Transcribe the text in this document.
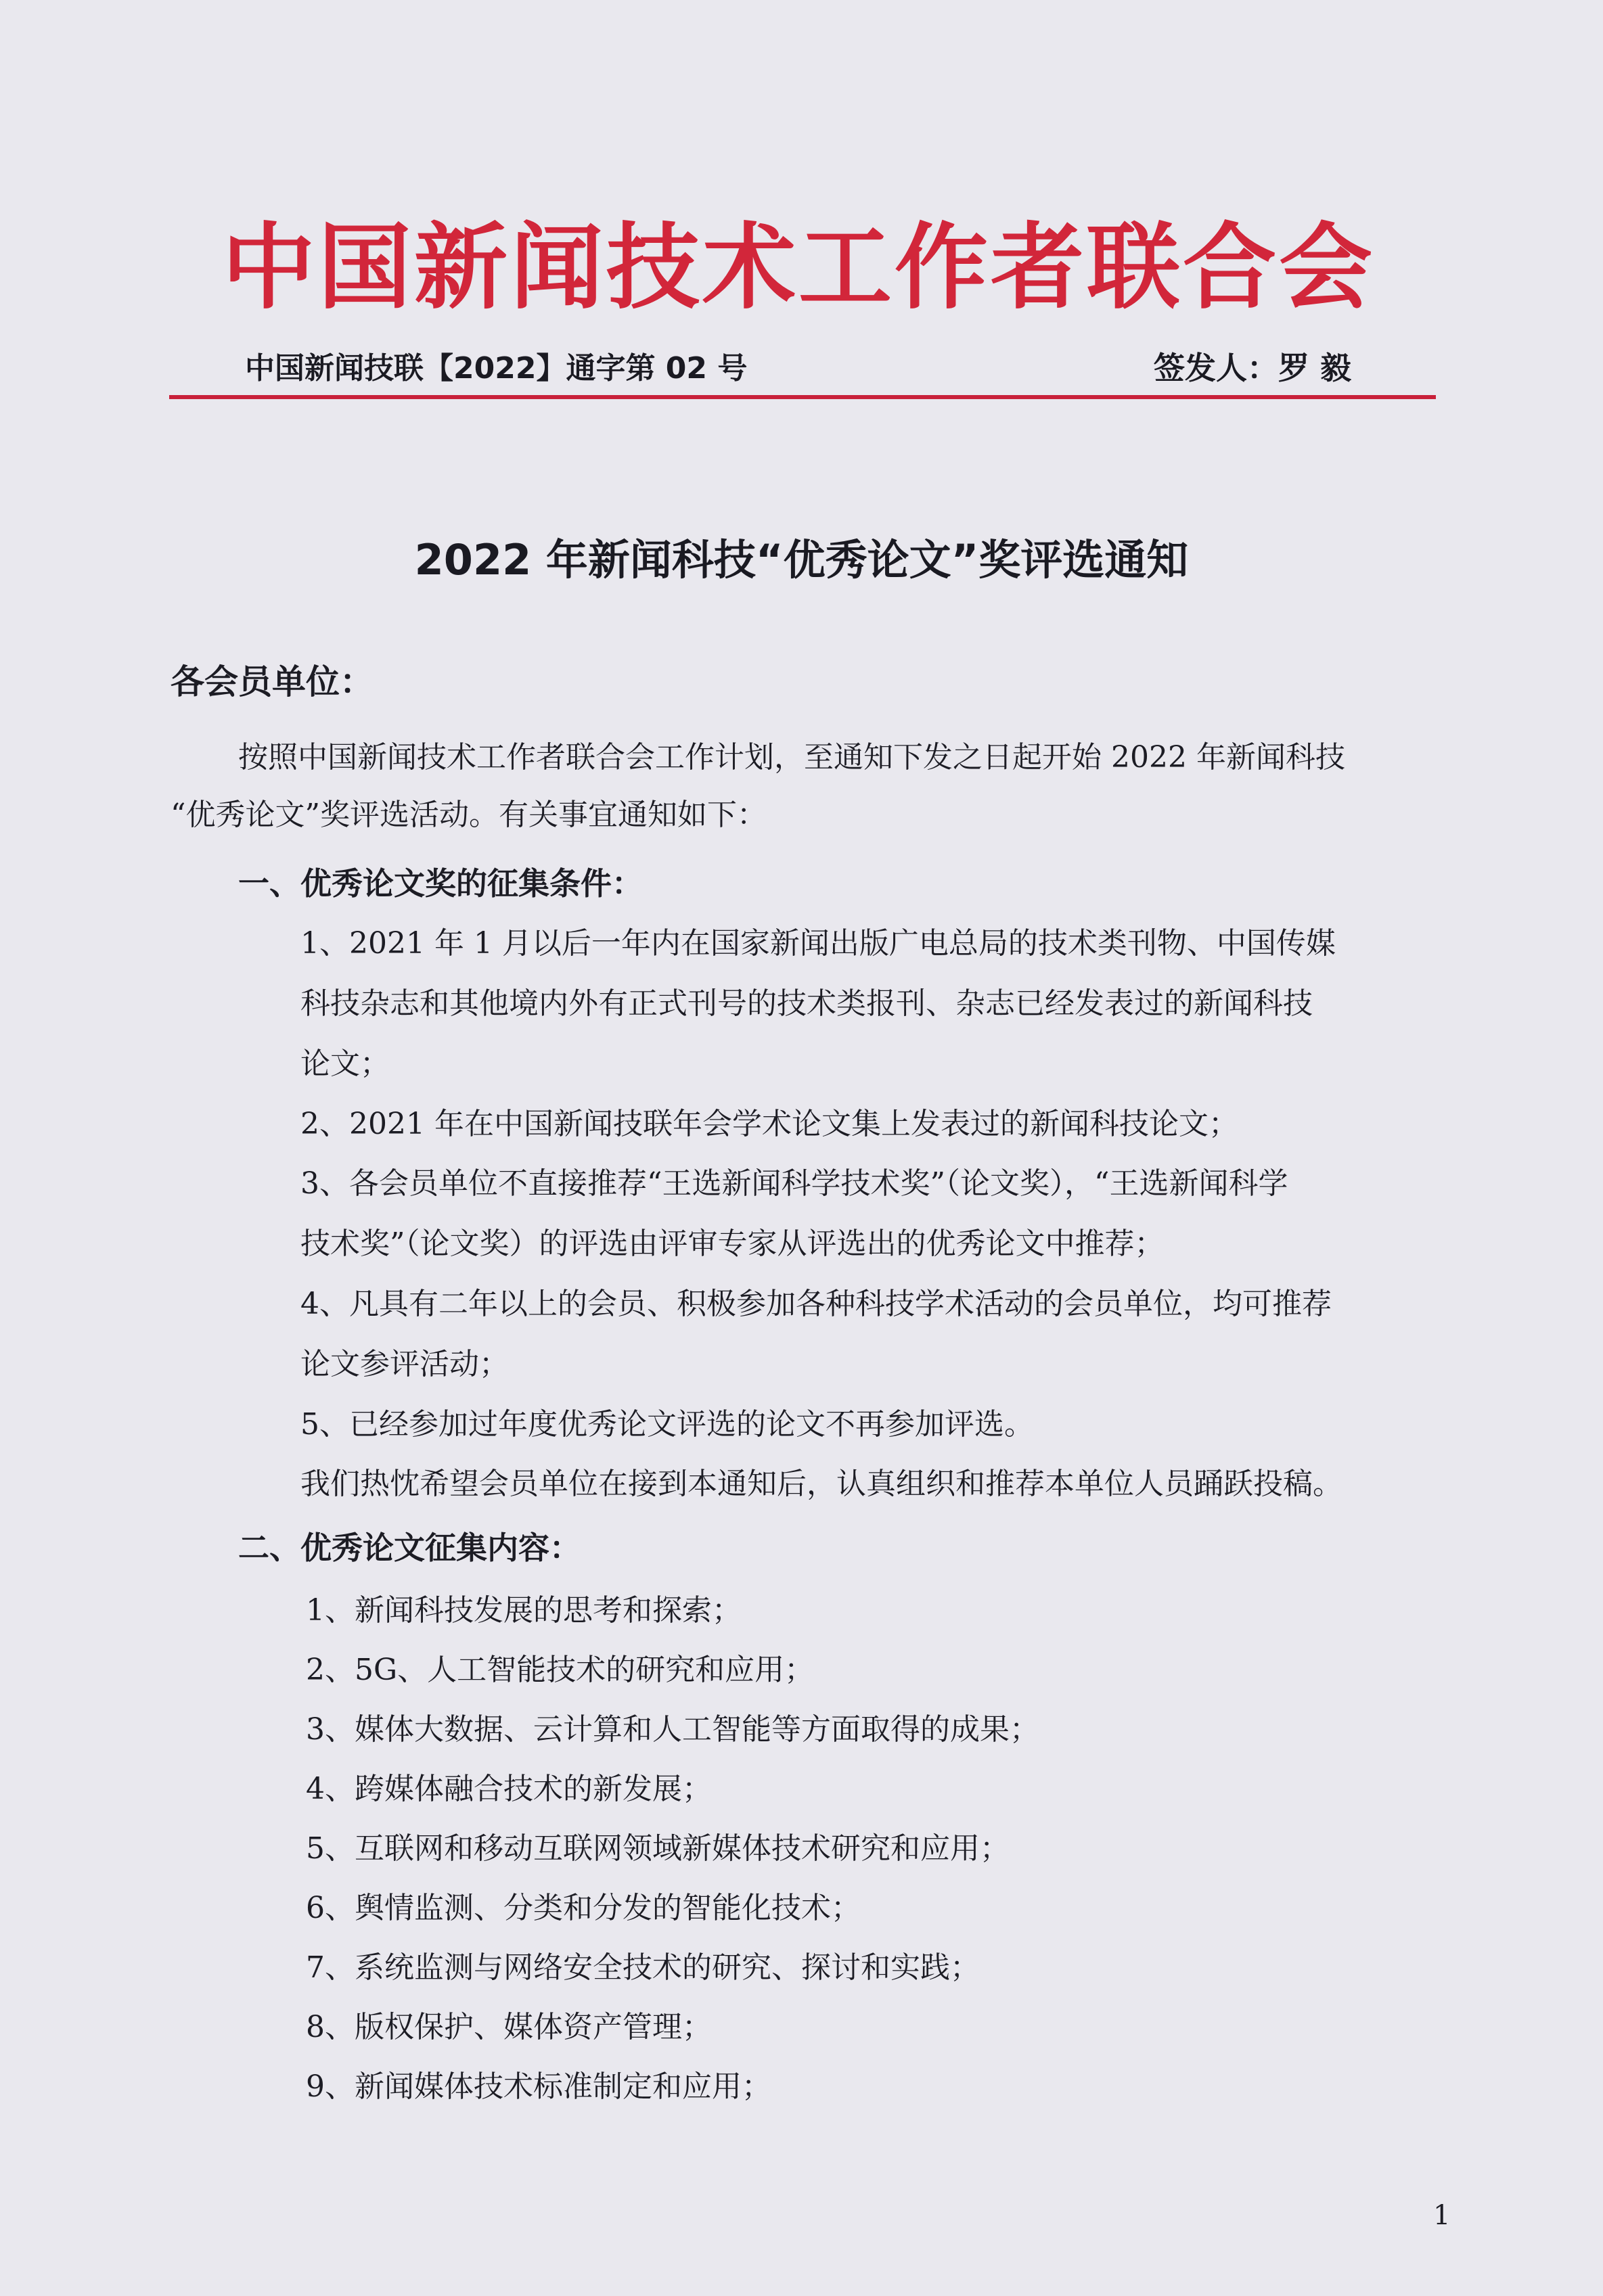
中国新闻技术工作者联合会
中国新闻技联【2022】通字第 02 号	签发人：罗 毅
2022 年新闻科技“优秀论文”奖评选通知
各会员单位：
按照中国新闻技术工作者联合会工作计划，至通知下发之日起开始 2022 年新闻科技
“优秀论文”奖评选活动。有关事宜通知如下：
一、优秀论文奖的征集条件：
1、2021 年 1 月以后一年内在国家新闻出版广电总局的技术类刊物、中国传媒
科技杂志和其他境内外有正式刊号的技术类报刊、杂志已经发表过的新闻科技
论文；
2、2021 年在中国新闻技联年会学术论文集上发表过的新闻科技论文；
3、各会员单位不直接推荐“王选新闻科学技术奖”（论文奖），“王选新闻科学
技术奖”（论文奖）的评选由评审专家从评选出的优秀论文中推荐；
4、凡具有二年以上的会员、积极参加各种科技学术活动的会员单位，均可推荐
论文参评活动；
5、已经参加过年度优秀论文评选的论文不再参加评选。
我们热忱希望会员单位在接到本通知后，认真组织和推荐本单位人员踊跃投稿。
二、优秀论文征集内容：
1、新闻科技发展的思考和探索；
2、5G、人工智能技术的研究和应用；
3、媒体大数据、云计算和人工智能等方面取得的成果；
4、跨媒体融合技术的新发展；
5、互联网和移动互联网领域新媒体技术研究和应用；
6、舆情监测、分类和分发的智能化技术；
7、系统监测与网络安全技术的研究、探讨和实践；
8、版权保护、媒体资产管理；
9、新闻媒体技术标准制定和应用；
1
